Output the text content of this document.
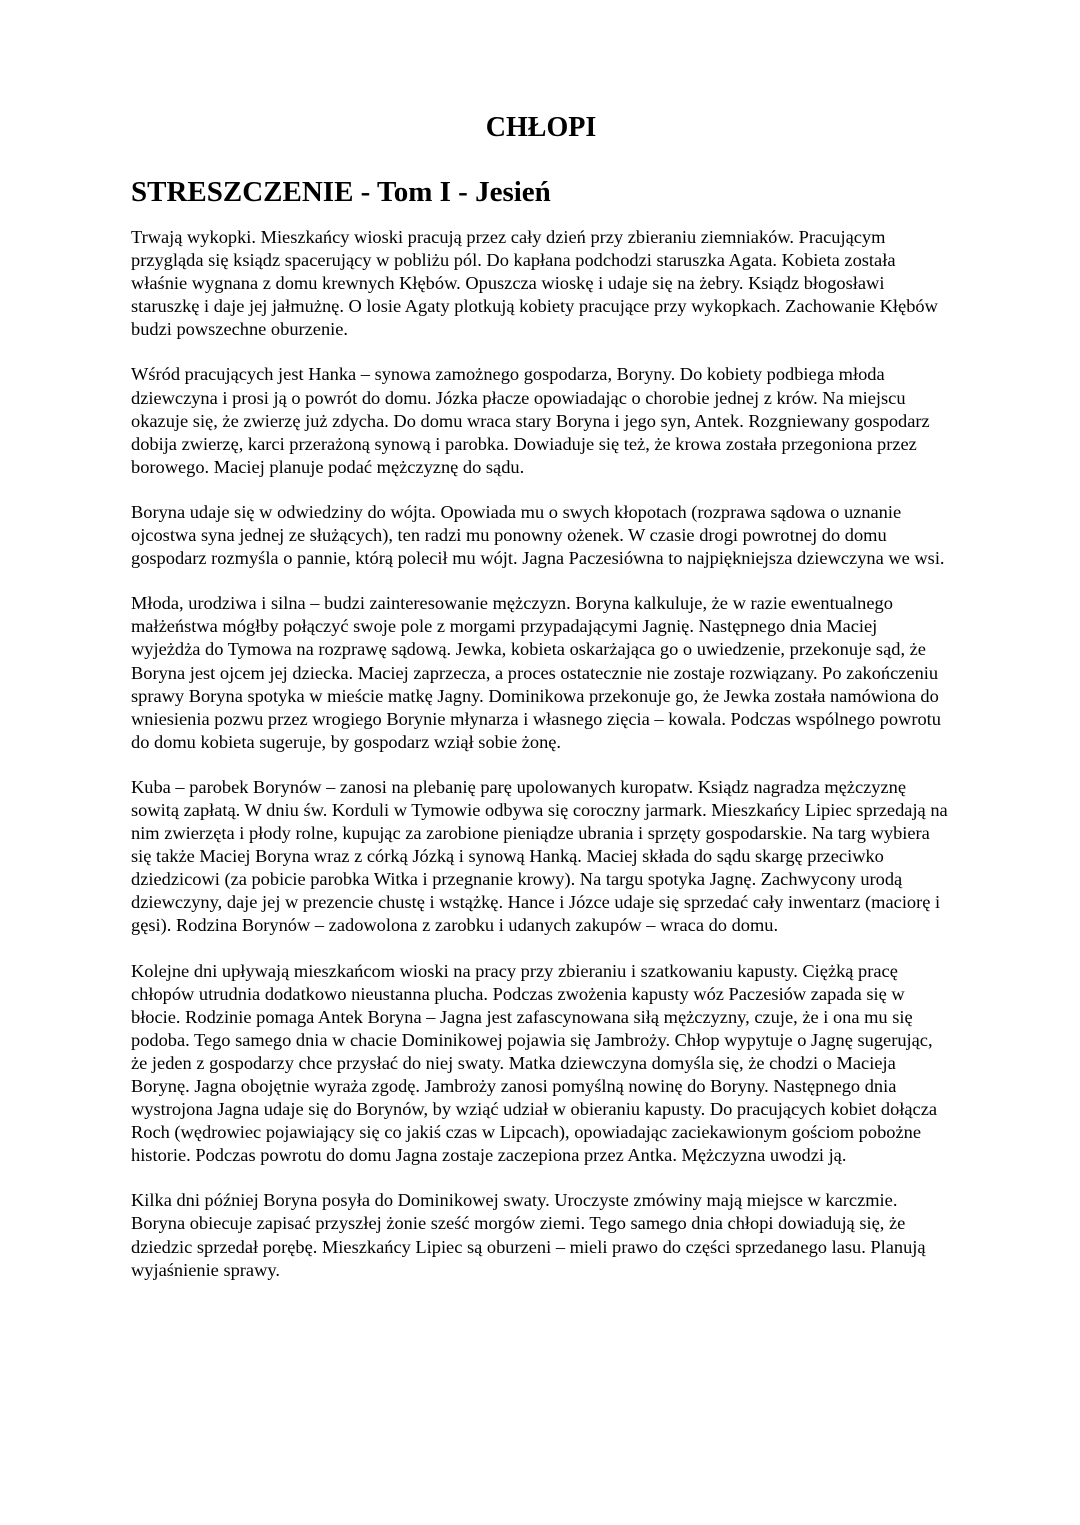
CHŁOPI
STRESZCZENIE - Tom I - Jesień

Trwają wykopki. Mieszkańcy wioski pracują przez cały dzień przy zbieraniu ziemniaków. Pracującym przygląda się ksiądz spacerujący w pobliżu pól. Do kapłana podchodzi staruszka Agata. Kobieta została właśnie wygnana z domu krewnych Kłębów. Opuszcza wioskę i udaje się na żebry. Ksiądz błogosławi staruszkę i daje jej jałmużnę. O losie Agaty plotkują kobiety pracujące przy wykopkach. Zachowanie Kłębów budzi powszechne oburzenie.

Wśród pracujących jest Hanka – synowa zamożnego gospodarza, Boryny. Do kobiety podbiega młoda dziewczyna i prosi ją o powrót do domu. Józka płacze opowiadając o chorobie jednej z krów. Na miejscu okazuje się, że zwierzę już zdycha. Do domu wraca stary Boryna i jego syn, Antek. Rozgniewany gospodarz dobija zwierzę, karci przerażoną synową i parobka. Dowiaduje się też, że krowa została przegoniona przez borowego. Maciej planuje podać mężczyznę do sądu.

Boryna udaje się w odwiedziny do wójta. Opowiada mu o swych kłopotach (rozprawa sądowa o uznanie ojcostwa syna jednej ze służących), ten radzi mu ponowny ożenek. W czasie drogi powrotnej do domu gospodarz rozmyśla o pannie, którą polecił mu wójt. Jagna Paczesiówna to najpiękniejsza dziewczyna we wsi.

Młoda, urodziwa i silna – budzi zainteresowanie mężczyzn. Boryna kalkuluje, że w razie ewentualnego małżeństwa mógłby połączyć swoje pole z morgami przypadającymi Jagnię. Następnego dnia Maciej wyjeżdża do Tymowa na rozprawę sądową. Jewka, kobieta oskarżająca go o uwiedzenie, przekonuje sąd, że Boryna jest ojcem jej dziecka. Maciej zaprzecza, a proces ostatecznie nie zostaje rozwiązany. Po zakończeniu sprawy Boryna spotyka w mieście matkę Jagny. Dominikowa przekonuje go, że Jewka została namówiona do wniesienia pozwu przez wrogiego Borynie młynarza i własnego zięcia – kowala. Podczas wspólnego powrotu do domu kobieta sugeruje, by gospodarz wziął sobie żonę.

Kuba – parobek Borynów – zanosi na plebanię parę upolowanych kuropatw. Ksiądz nagradza mężczyznę sowitą zapłatą. W dniu św. Korduli w Tymowie odbywa się coroczny jarmark. Mieszkańcy Lipiec sprzedają na nim zwierzęta i płody rolne, kupując za zarobione pieniądze ubrania i sprzęty gospodarskie. Na targ wybiera się także Maciej Boryna wraz z córką Józką i synową Hanką. Maciej składa do sądu skargę przeciwko dziedzicowi (za pobicie parobka Witka i przegnanie krowy). Na targu spotyka Jagnę. Zachwycony urodą dziewczyny, daje jej w prezencie chustę i wstążkę. Hance i Józce udaje się sprzedać cały inwentarz (maciorę i gęsi). Rodzina Borynów – zadowolona z zarobku i udanych zakupów – wraca do domu.

Kolejne dni upływają mieszkańcom wioski na pracy przy zbieraniu i szatkowaniu kapusty. Ciężką pracę chłopów utrudnia dodatkowo nieustanna plucha. Podczas zwożenia kapusty wóz Paczesiów zapada się w błocie. Rodzinie pomaga Antek Boryna – Jagna jest zafascynowana siłą mężczyzny, czuje, że i ona mu się podoba. Tego samego dnia w chacie Dominikowej pojawia się Jambroży. Chłop wypytuje o Jagnę sugerując, że jeden z gospodarzy chce przysłać do niej swaty. Matka dziewczyna domyśla się, że chodzi o Macieja Borynę. Jagna obojętnie wyraża zgodę. Jambroży zanosi pomyślną nowinę do Boryny. Następnego dnia wystrojona Jagna udaje się do Borynów, by wziąć udział w obieraniu kapusty. Do pracujących kobiet dołącza Roch (wędrowiec pojawiający się co jakiś czas w Lipcach), opowiadając zaciekawionym gościom pobożne historie. Podczas powrotu do domu Jagna zostaje zaczepiona przez Antka. Mężczyzna uwodzi ją.

Kilka dni później Boryna posyła do Dominikowej swaty. Uroczyste zmówiny mają miejsce w karczmie. Boryna obiecuje zapisać przyszłej żonie sześć morgów ziemi. Tego samego dnia chłopi dowiadują się, że dziedzic sprzedał porębę. Mieszkańcy Lipiec są oburzeni – mieli prawo do części sprzedanego lasu. Planują wyjaśnienie sprawy.
